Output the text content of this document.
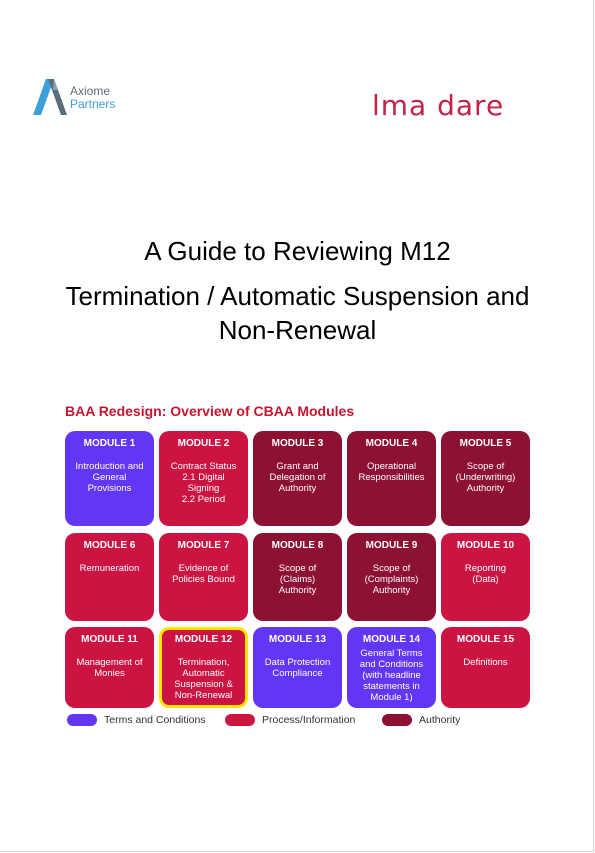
Axiome
Partners	lma dare
A Guide to Reviewing M12
Termination / Automatic Suspension and
Non-Renewal
BAA Redesign: Overview of CBAA Modules
MODULE 1
Introduction and
General
Provisions
MODULE 2
Contract Status
2.1 Digital
Signing
2.2 Period
MODULE 3
Grant and
Delegation of
Authority
MODULE 4
Operational
Responsibilities
MODULE 5
Scope of
(Underwriting)
Authority
MODULE 6
Remuneration
MODULE 7
Evidence of
Policies Bound
MODULE 8
Scope of
(Claims)
Authority
MODULE 9
Scope of
(Complaints)
Authority
MODULE 10
Reporting
(Data)
MODULE 11
Management of
Monies
MODULE 12
Termination,
Automatic
Suspension &
Non-Renewal
MODULE 13
Data Protection
Compliance
MODULE 14
General Terms
and Conditions
(with headline
statements in
Module 1)
MODULE 15
Definitions
Terms and Conditions	Process/Information	Authority
